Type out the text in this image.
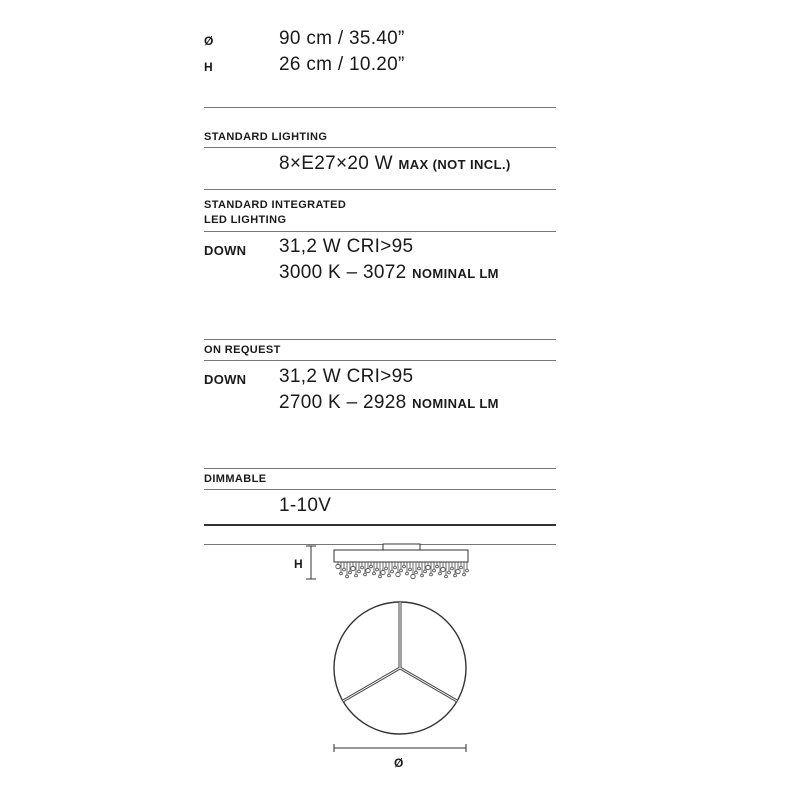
Ø	90 cm / 35.40”
H	26 cm / 10.20”
STANDARD LIGHTING
8×E27×20 W MAX (NOT INCL.)
STANDARD INTEGRATED
LED LIGHTING
DOWN 31,2 W CRI>95
3000 K – 3072 NOMINAL LM
ON REQUEST
DOWN 31,2 W CRI>95
2700 K – 2928 NOMINAL LM
DIMMABLE
1-10V
H
Ø
